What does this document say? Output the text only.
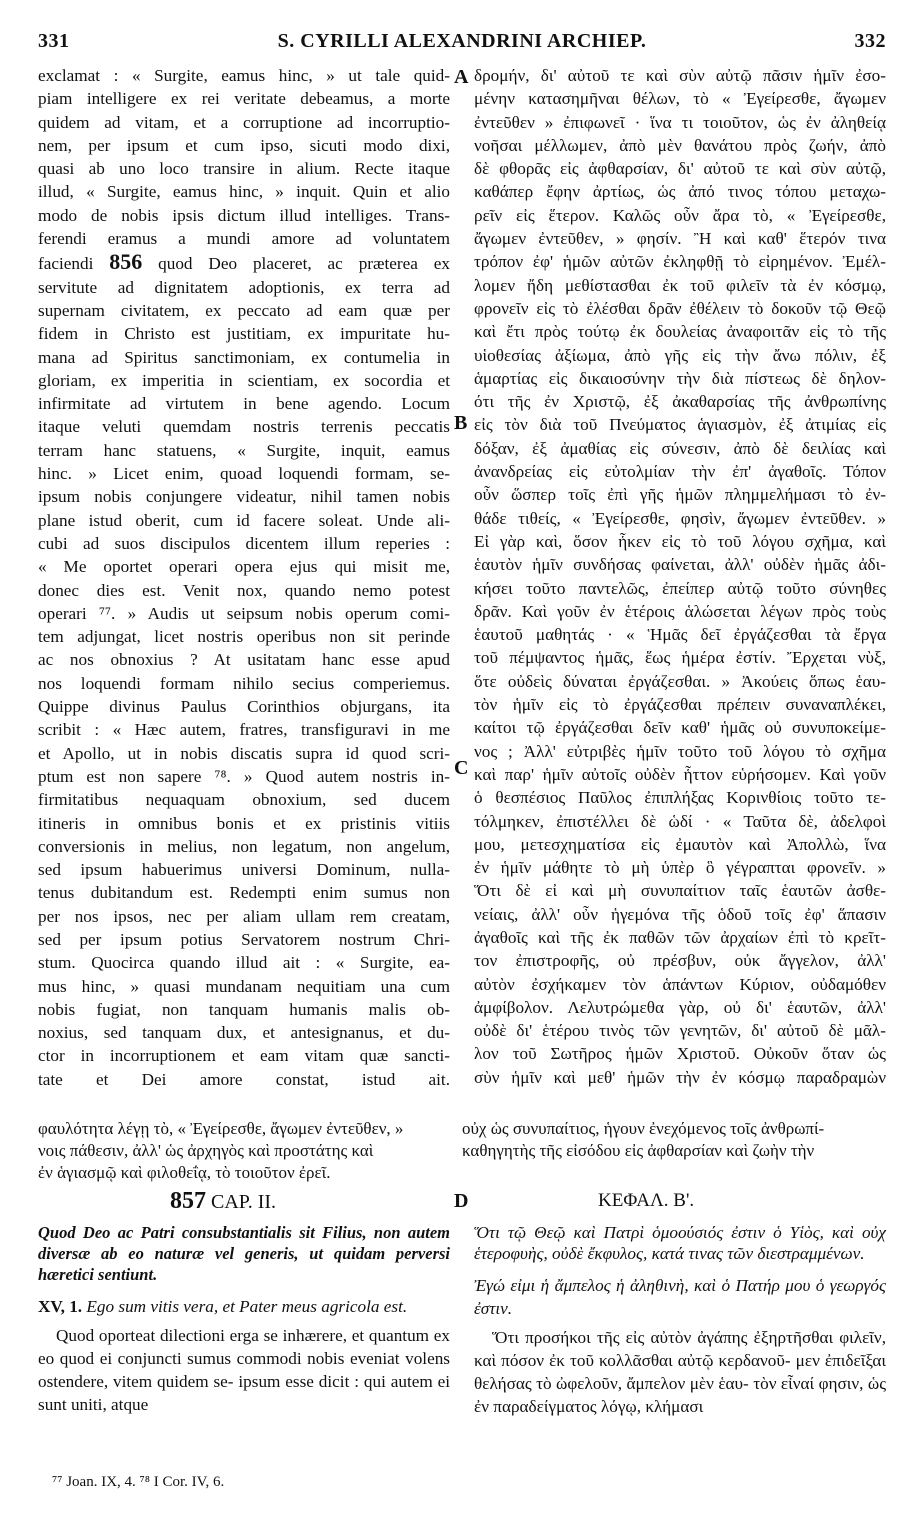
331	S. CYRILLI ALEXANDRINI ARCHIEP.	332
exclamat : « Surgite, eamus hinc, » ut tale quid-
piam intelligere ex rei veritate debeamus, a morte
quidem ad vitam, et a corruptione ad incorruptio-
nem, per ipsum et cum ipso, sicuti modo dixi,
quasi ab uno loco transire in alium. Recte itaque
illud, « Surgite, eamus hinc, » inquit. Quin et alio
modo de nobis ipsis dictum illud intelliges. Trans-
ferendi eramus a mundi amore ad voluntatem
faciendi 856 quod Deo placeret, ac præterea ex
servitute ad dignitatem adoptionis, ex terra ad
supernam civitatem, ex peccato ad eam quæ per
fidem in Christo est justitiam, ex impuritate hu-
mana ad Spiritus sanctimoniam, ex contumelia in
gloriam, ex imperitia in scientiam, ex socordia et
infirmitate ad virtutem in bene agendo. Locum
itaque veluti quemdam nostris terrenis peccatis
terram hanc statuens, « Surgite, inquit, eamus
hinc. » Licet enim, quoad loquendi formam, se-
ipsum nobis conjungere videatur, nihil tamen nobis
plane istud oberit, cum id facere soleat. Unde ali-
cubi ad suos discipulos dicentem illum reperies :
« Me oportet operari opera ejus qui misit me,
donec dies est. Venit nox, quando nemo potest
operari ⁷⁷. » Audis ut seipsum nobis operum comi-
tem adjungat, licet nostris operibus non sit perinde
ac nos obnoxius ? At usitatam hanc esse apud
nos loquendi formam nihilo secius comperiemus.
Quippe divinus Paulus Corinthios objurgans, ita
scribit : « Hæc autem, fratres, transfiguravi in me
et Apollo, ut in nobis discatis supra id quod scri-
ptum est non sapere ⁷⁸. » Quod autem nostris in-
firmitatibus nequaquam obnoxium, sed ducem
itineris in omnibus bonis et ex pristinis vitiis
conversionis in melius, non legatum, non angelum,
sed ipsum habuerimus universi Dominum, nulla-
tenus dubitandum est. Redempti enim sumus non
per nos ipsos, nec per aliam ullam rem creatam,
sed per ipsum potius Servatorem nostrum Chri-
stum. Quocirca quando illud ait : « Surgite, ea-
mus hinc, » quasi mundanam nequitiam una cum
nobis fugiat, non tanquam humanis malis ob-
noxius, sed tanquam dux, et antesignanus, et du-
ctor in incorruptionem et eam vitam quæ sancti-
tate et Dei amore constat, istud ait.
δρομήν, δι' αὐτοῦ τε καὶ σὺν αὐτῷ πᾶσιν ἡμῖν ἐσο-
μένην κατασημῆναι θέλων, τὸ « Ἐγείρεσθε, ἄγωμεν
ἐντεῦθεν » ἐπιφωνεῖ · ἵνα τι τοιοῦτον, ὡς ἐν ἀληθείᾳ
νοῆσαι μέλλωμεν, ἀπὸ μὲν θανάτου πρὸς ζωήν, ἀπὸ
δὲ φθορᾶς εἰς ἀφθαρσίαν, δι' αὐτοῦ τε καὶ σὺν αὐτῷ,
καθάπερ ἔφην ἀρτίως, ὡς ἀπό τινος τόπου μεταχω-
ρεῖν εἰς ἕτερον. Καλῶς οὖν ἄρα τὸ, « Ἐγείρεσθε,
ἄγωμεν ἐντεῦθεν, » φησίν. Ἢ καὶ καθ' ἕτερόν τινα
τρόπον ἐφ' ἡμῶν αὐτῶν ἐκληφθῇ τὸ εἰρημένον. Ἐμέλ-
λομεν ἤδη μεθίστασθαι ἐκ τοῦ φιλεῖν τὰ ἐν κόσμῳ,
φρονεῖν εἰς τὸ ἐλέσθαι δρᾶν ἐθέλειν τὸ δοκοῦν τῷ Θεῷ
καὶ ἔτι πρὸς τούτῳ ἐκ δουλείας ἀναφοιτᾶν εἰς τὸ τῆς
υἱοθεσίας ἀξίωμα, ἀπὸ γῆς εἰς τὴν ἄνω πόλιν, ἐξ
ἁμαρτίας εἰς δικαιοσύνην τὴν διὰ πίστεως δὲ δηλον-
ότι τῆς ἐν Χριστῷ, ἐξ ἀκαθαρσίας τῆς ἀνθρωπίνης
εἰς τὸν διὰ τοῦ Πνεύματος ἁγιασμὸν, ἐξ ἀτιμίας εἰς
δόξαν, ἐξ ἀμαθίας εἰς σύνεσιν, ἀπὸ δὲ δειλίας καὶ
ἀνανδρείας εἰς εὐτολμίαν τὴν ἐπ' ἀγαθοῖς. Τόπον
οὖν ὥσπερ τοῖς ἐπὶ γῆς ἡμῶν πλημμελήμασι τὸ ἐν-
θάδε τιθείς, « Ἐγείρεσθε, φησὶν, ἄγωμεν ἐντεῦθεν. »
Εἰ γὰρ καὶ, ὅσον ἧκεν εἰς τὸ τοῦ λόγου σχῆμα, καὶ
ἑαυτὸν ἡμῖν συνδήσας φαίνεται, ἀλλ' οὐδὲν ἡμᾶς ἀδι-
κήσει τοῦτο παντελῶς, ἐπείπερ αὐτῷ τοῦτο σύνηθες
δρᾶν. Καὶ γοῦν ἐν ἑτέροις ἁλώσεται λέγων πρὸς τοὺς
ἑαυτοῦ μαθητάς · « Ἡμᾶς δεῖ ἐργάζεσθαι τὰ ἔργα
τοῦ πέμψαντος ἡμᾶς, ἕως ἡμέρα ἐστίν. Ἔρχεται νὺξ,
ὅτε οὐδεὶς δύναται ἐργάζεσθαι. » Ἀκούεις ὅπως ἑαυ-
τὸν ἡμῖν εἰς τὸ ἐργάζεσθαι πρέπειν συναναπλέκει,
καίτοι τῷ ἐργάζεσθαι δεῖν καθ' ἡμᾶς οὐ συνυποκείμε-
νος ; Ἀλλ' εὐτριβὲς ἡμῖν τοῦτο τοῦ λόγου τὸ σχῆμα
καὶ παρ' ἡμῖν αὐτοῖς οὐδὲν ἧττον εὑρήσομεν. Καὶ γοῦν
ὁ θεσπέσιος Παῦλος ἐπιπλήξας Κορινθίοις τοῦτο τε-
τόλμηκεν, ἐπιστέλλει δὲ ὡδί · « Ταῦτα δὲ, ἀδελφοὶ
μου, μετεσχηματίσα εἰς ἐμαυτὸν καὶ Ἀπολλὼ, ἵνα
ἐν ἡμῖν μάθητε τὸ μὴ ὑπὲρ ὃ γέγραπται φρονεῖν. »
Ὅτι δὲ εἰ καὶ μὴ συνυπαίτιον ταῖς ἑαυτῶν ἀσθε-
νείαις, ἀλλ' οὖν ἡγεμόνα τῆς ὁδοῦ τοῖς ἐφ' ἅπασιν
ἀγαθοῖς καὶ τῆς ἐκ παθῶν τῶν ἀρχαίων ἐπὶ τὸ κρεῖτ-
τον ἐπιστροφῆς, οὐ πρέσβυν, οὐκ ἄγγελον, ἀλλ'
αὐτὸν ἐσχήκαμεν τὸν ἁπάντων Κύριον, οὐδαμόθεν
ἀμφίβολον. Λελυτρώμεθα γὰρ, οὐ δι' ἑαυτῶν, ἀλλ'
οὐδὲ δι' ἑτέρου τινὸς τῶν γενητῶν, δι' αὐτοῦ δὲ μᾶλ-
λον τοῦ Σωτῆρος ἡμῶν Χριστοῦ. Οὐκοῦν ὅταν ὡς
σὺν ἡμῖν καὶ μεθ' ἡμῶν τὴν ἐν κόσμῳ παραδραμὼν
A
B
C
D
φαυλότητα λέγῃ τὸ, « Ἐγείρεσθε, ἄγωμεν ἐντεῦθεν, »
νοις πάθεσιν, ἀλλ' ὡς ἀρχηγὸς καὶ προστάτης καὶ
ἐν ἁγιασμῷ καὶ φιλοθεΐᾳ, τὸ τοιοῦτον ἐρεῖ.
οὐχ ὡς συνυπαίτιος, ἡγουν ἐνεχόμενος τοῖς ἀνθρωπί-
καθηγητὴς τῆς εἰσόδου εἰς ἀφθαρσίαν καὶ ζωὴν τὴν
857 CAP. II.	ΚΕΦΑΛ. Β'.

Quod Deo ac Patri consubstantialis sit Filius, non autem diversæ ab eo naturæ vel generis, ut quidam perversi hæretici sentiunt.

XV, 1. Ego sum vitis vera, et Pater meus agricola est.

Quod oporteat dilectioni erga se inhærere, et quantum ex eo quod ei conjuncti sumus commodi nobis eveniat volens ostendere, vitem quidem se- ipsum esse dicit : qui autem ei sunt uniti, atque

Ὅτι τῷ Θεῷ καὶ Πατρὶ ὁμοούσιός ἐστιν ὁ Υἱὸς, καὶ οὐχ ἑτεροφυὴς, οὐδὲ ἔκφυλος, κατά τινας τῶν διεστραμμένων.

Ἐγώ εἰμι ἡ ἄμπελος ἡ ἀληθινὴ, καὶ ὁ Πατήρ μου ὁ γεωργός ἐστιν.

Ὅτι προσήκοι τῆς εἰς αὐτὸν ἀγάπης ἐξηρτῆσθαι φιλεῖν, καὶ πόσον ἐκ τοῦ κολλᾶσθαι αὐτῷ κερδανοῦ- μεν ἐπιδεῖξαι θελήσας τὸ ὠφελοῦν, ἄμπελον μὲν ἑαυ- τὸν εἶναί φησιν, ὡς ἐν παραδείγματος λόγῳ, κλήμασι

⁷⁷ Joan. IX, 4. ⁷⁸ I Cor. IV, 6.
